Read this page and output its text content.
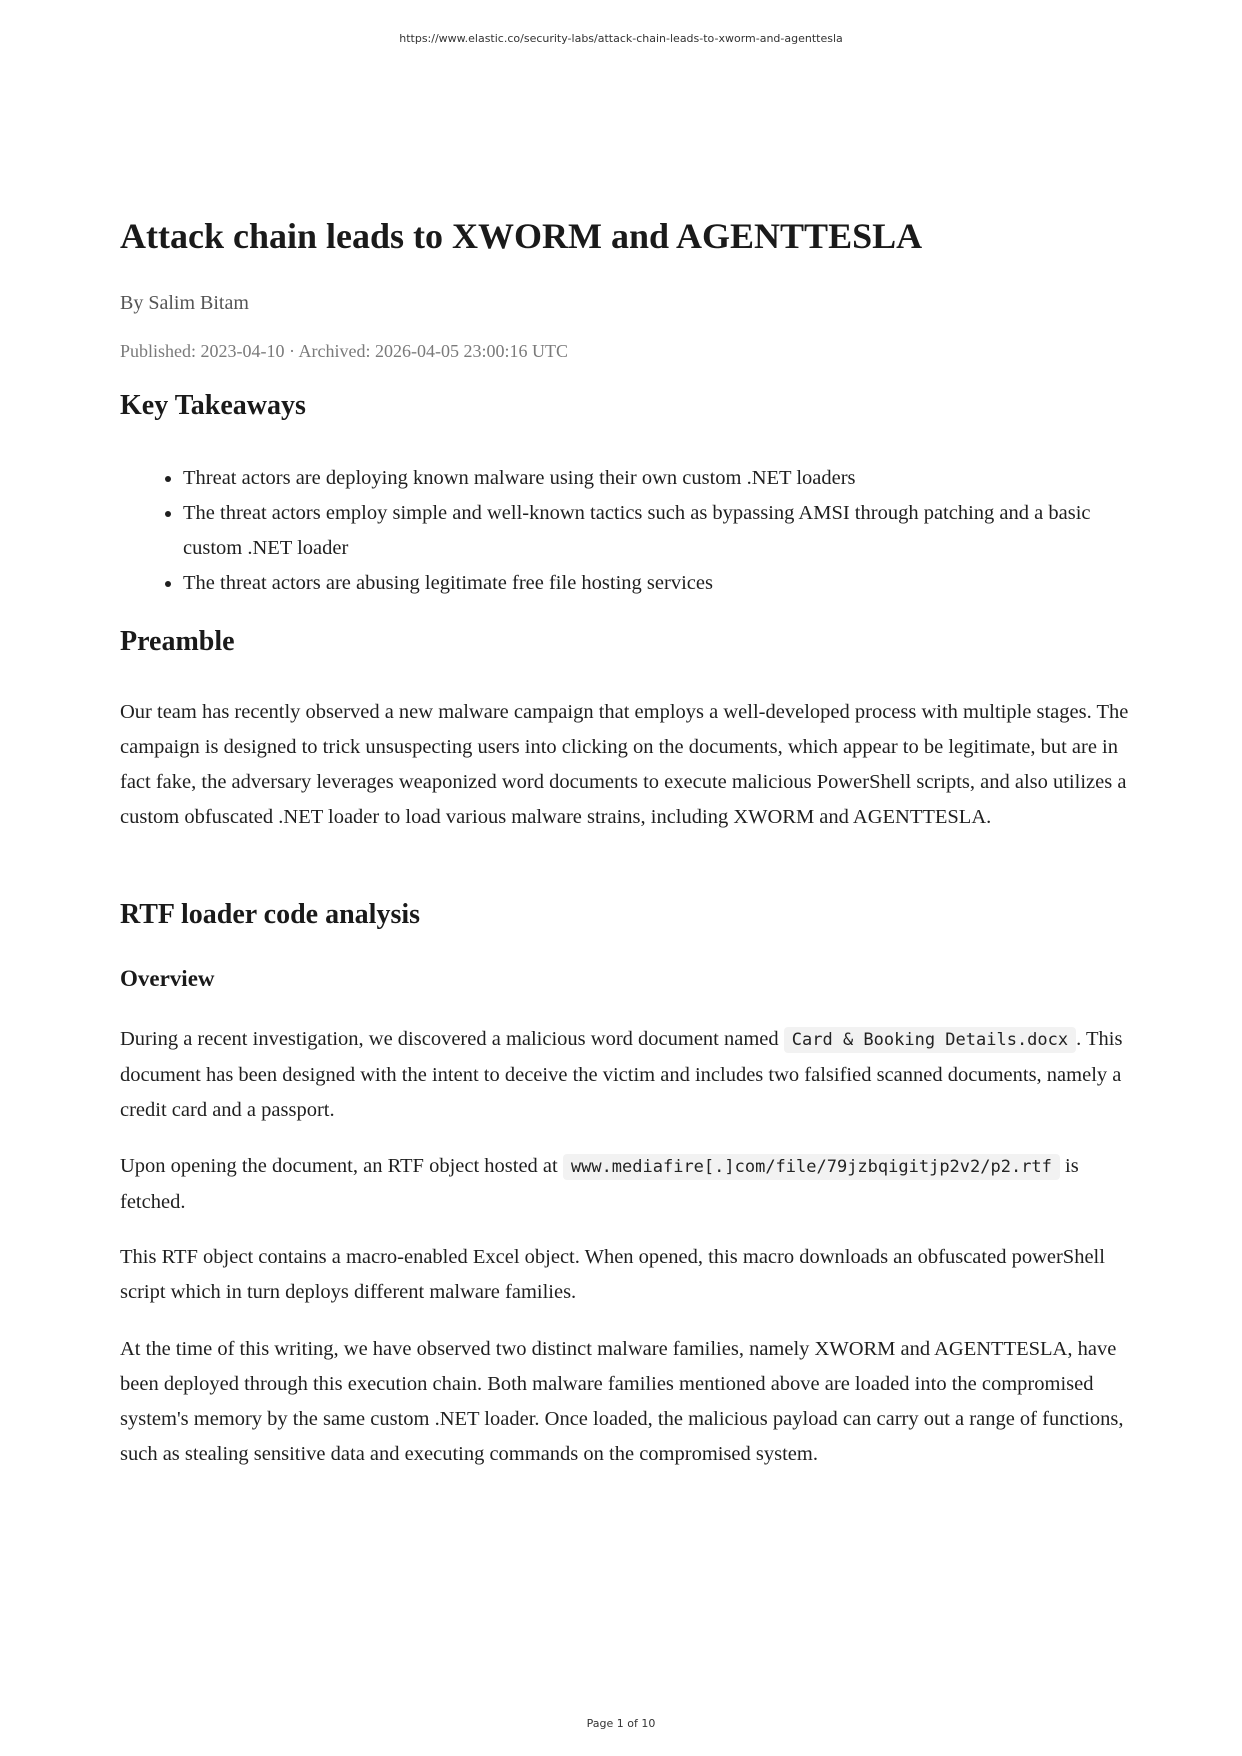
https://www.elastic.co/security-labs/attack-chain-leads-to-xworm-and-agenttesla

Attack chain leads to XWORM and AGENTTESLA

By Salim Bitam

Published: 2023-04-10 · Archived: 2026-04-05 23:00:16 UTC

Key Takeaways
• Threat actors are deploying known malware using their own custom .NET loaders
• The threat actors employ simple and well-known tactics such as bypassing AMSI through patching and a basic custom .NET loader
• The threat actors are abusing legitimate free file hosting services
Preamble

Our team has recently observed a new malware campaign that employs a well-developed process with multiple stages. The campaign is designed to trick unsuspecting users into clicking on the documents, which appear to be legitimate, but are in fact fake, the adversary leverages weaponized word documents to execute malicious PowerShell scripts, and also utilizes a custom obfuscated .NET loader to load various malware strains, including XWORM and AGENTTESLA.

RTF loader code analysis
Overview

During a recent investigation, we discovered a malicious word document named Card & Booking Details.docx . This document has been designed with the intent to deceive the victim and includes two falsified scanned documents, namely a credit card and a passport.

Upon opening the document, an RTF object hosted at www.mediafire[.]com/file/79jzbqigitjp2v2/p2.rtf is fetched.

This RTF object contains a macro-enabled Excel object. When opened, this macro downloads an obfuscated powerShell script which in turn deploys different malware families.

At the time of this writing, we have observed two distinct malware families, namely XWORM and AGENTTESLA, have been deployed through this execution chain. Both malware families mentioned above are loaded into the compromised system's memory by the same custom .NET loader. Once loaded, the malicious payload can carry out a range of functions, such as stealing sensitive data and executing commands on the compromised system.

Page 1 of 10
